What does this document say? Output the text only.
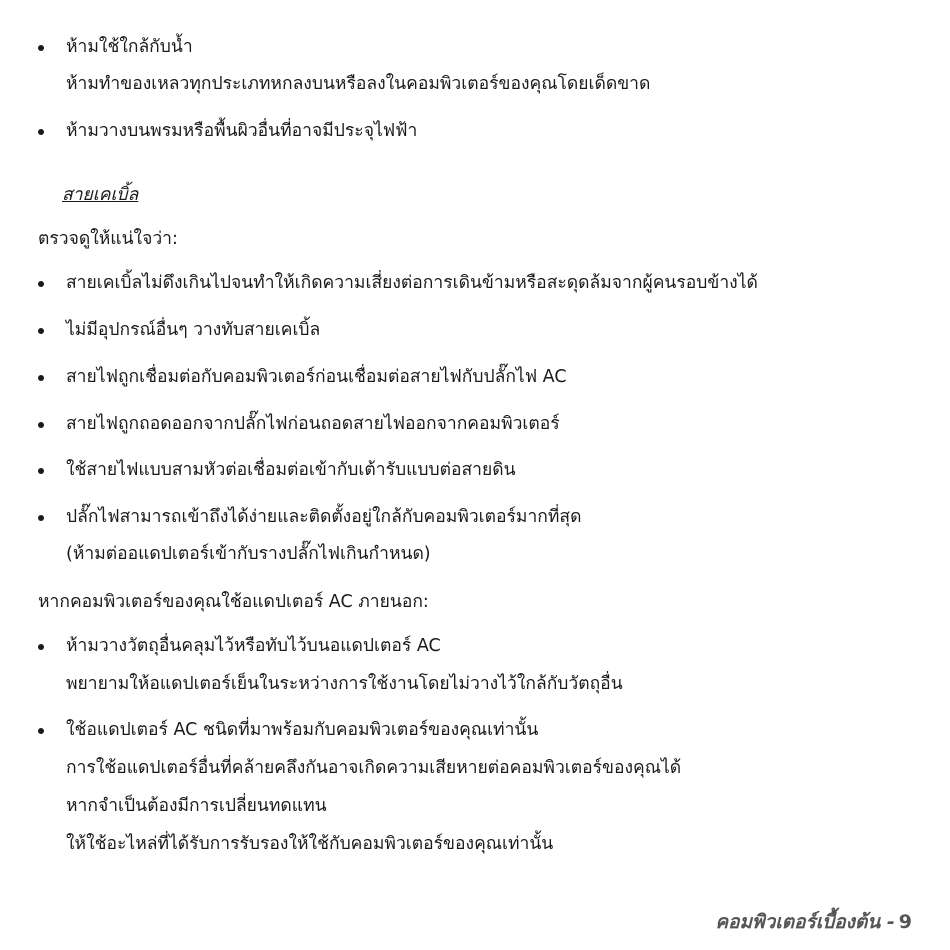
ห้ามใช้ใกล้กับน้ำ
ห้ามทำของเหลวทุกประเภทหกลงบนหรือลงในคอมพิวเตอร์ของคุณโดยเด็ดขาด
ห้ามวางบนพรมหรือพื้นผิวอื่นที่อาจมีประจุไฟฟ้า
สายเคเบิ้ล
ตรวจดูให้แน่ใจว่า:
สายเคเบิ้ลไม่ดึงเกินไปจนทำให้เกิดความเสี่ยงต่อการเดินข้ามหรือสะดุดล้มจากผู้คนรอบข้างได้
ไม่มีอุปกรณ์อื่นๆ วางทับสายเคเบิ้ล
สายไฟถูกเชื่อมต่อกับคอมพิวเตอร์ก่อนเชื่อมต่อสายไฟกับปลั๊กไฟ AC
สายไฟถูกถอดออกจากปลั๊กไฟก่อนถอดสายไฟออกจากคอมพิวเตอร์
ใช้สายไฟแบบสามหัวต่อเชื่อมต่อเข้ากับเต้ารับแบบต่อสายดิน
ปลั๊กไฟสามารถเข้าถึงได้ง่ายและติดตั้งอยู่ใกล้กับคอมพิวเตอร์มากที่สุด
(ห้ามต่ออแดปเตอร์เข้ากับรางปลั๊กไฟเกินกำหนด)
หากคอมพิวเตอร์ของคุณใช้อแดปเตอร์ AC ภายนอก:
ห้ามวางวัตถุอื่นคลุมไว้หรือทับไว้บนอแดปเตอร์ AC
พยายามให้อแดปเตอร์เย็นในระหว่างการใช้งานโดยไม่วางไว้ใกล้กับวัตถุอื่น
ใช้อแดปเตอร์ AC ชนิดที่มาพร้อมกับคอมพิวเตอร์ของคุณเท่านั้น
การใช้อแดปเตอร์อื่นที่คล้ายคลึงกันอาจเกิดความเสียหายต่อคอมพิวเตอร์ของคุณได้
หากจำเป็นต้องมีการเปลี่ยนทดแทน
ให้ใช้อะไหล่ที่ได้รับการรับรองให้ใช้กับคอมพิวเตอร์ของคุณเท่านั้น
คอมพิวเตอร์เบื้องต้น - 9
